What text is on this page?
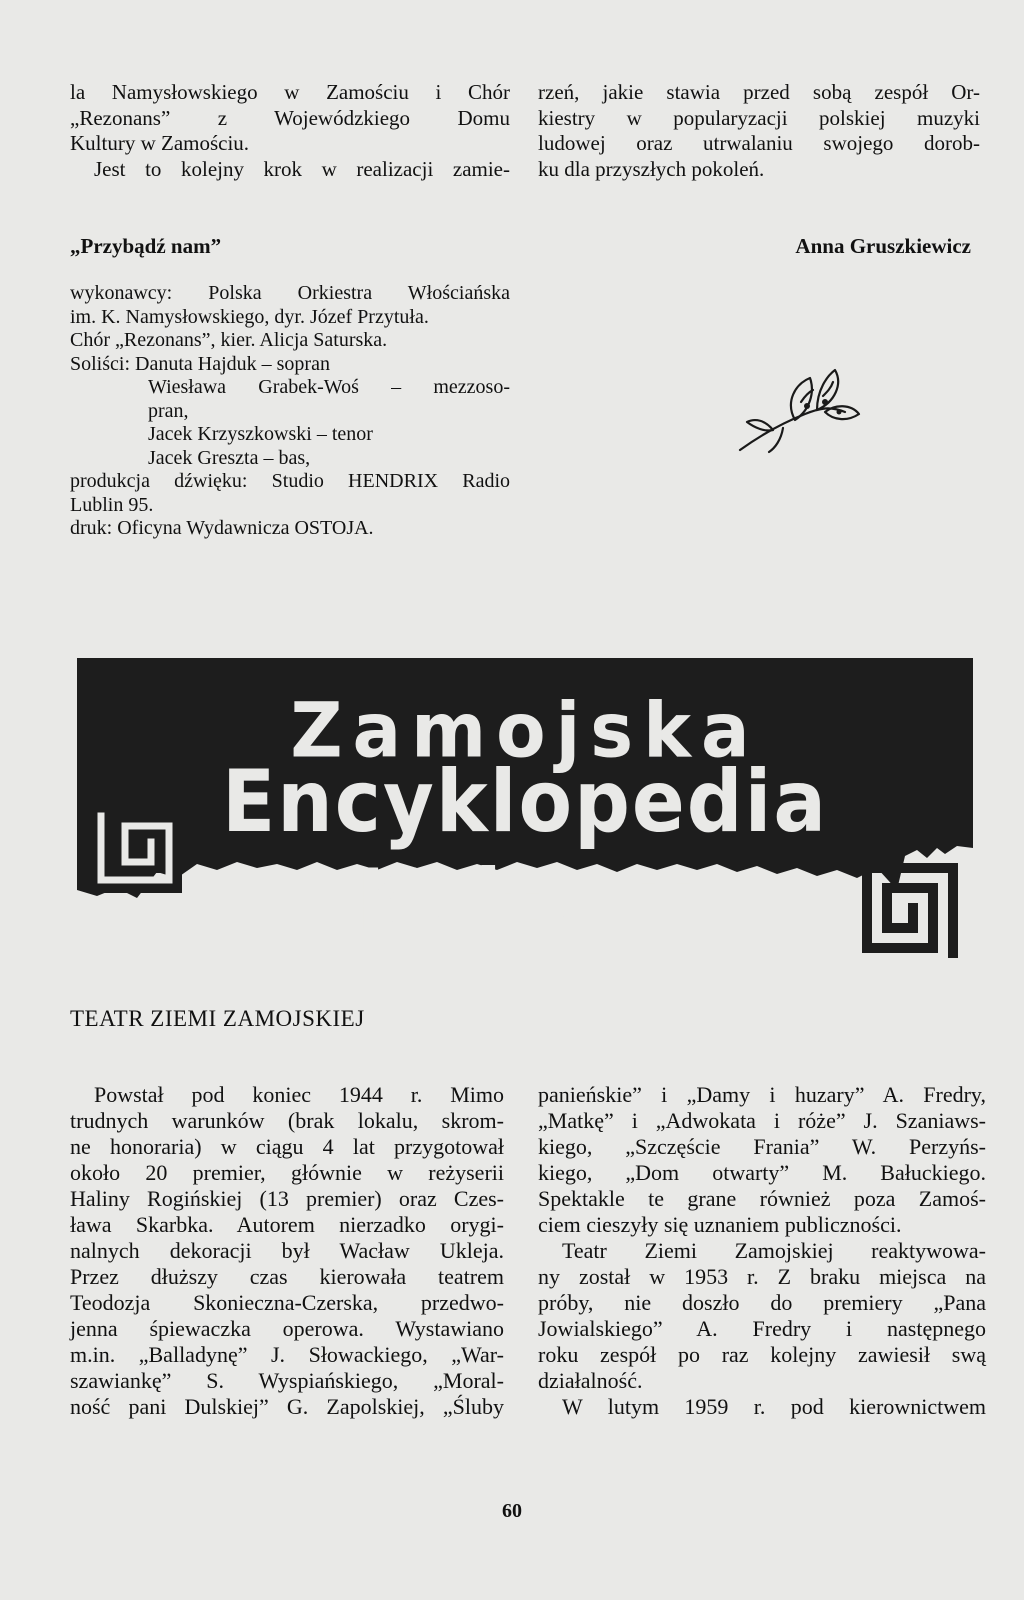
la Namysłowskiego w Zamościu i Chór

„Rezonans” z Wojewódzkiego Domu

Kultury w Zamościu.

Jest to kolejny krok w realizacji zamie-

rzeń, jakie stawia przed sobą zespół Or-

kiestry w popularyzacji polskiej muzyki

ludowej oraz utrwalaniu swojego dorob-

ku dla przyszłych pokoleń.

„Przybądź nam”	Anna Gruszkiewicz

wykonawcy: Polska Orkiestra Włościańska

im. K. Namysłowskiego, dyr. Józef Przytuła.

Chór „Rezonans”, kier. Alicja Saturska.

Soliści: Danuta Hajduk – sopran

Wiesława Grabek-Woś – mezzoso-

pran,

Jacek Krzyszkowski – tenor

Jacek Greszta – bas,

produkcja dźwięku: Studio HENDRIX Radio

Lublin 95.

druk: Oficyna Wydawnicza OSTOJA.

Zamojska
Encyklopedia Kultury
TEATR ZIEMI ZAMOJSKIEJ

Powstał pod koniec 1944 r. Mimo

trudnych warunków (brak lokalu, skrom-

ne honoraria) w ciągu 4 lat przygotował

około 20 premier, głównie w reżyserii

Haliny Rogińskiej (13 premier) oraz Czes-

ława Skarbka. Autorem nierzadko orygi-

nalnych dekoracji był Wacław Ukleja.

Przez dłuższy czas kierowała teatrem

Teodozja Skonieczna-Czerska, przedwo-

jenna śpiewaczka operowa. Wystawiano

m.in. „Balladynę” J. Słowackiego, „War-

szawiankę” S. Wyspiańskiego, „Moral-

ność pani Dulskiej” G. Zapolskiej, „Śluby

panieńskie” i „Damy i huzary” A. Fredry,

„Matkę” i „Adwokata i róże” J. Szaniaws-

kiego, „Szczęście Frania” W. Perzyńs-

kiego, „Dom otwarty” M. Bałuckiego.

Spektakle te grane również poza Zamoś-

ciem cieszyły się uznaniem publiczności.

Teatr Ziemi Zamojskiej reaktywowa-

ny został w 1953 r. Z braku miejsca na

próby, nie doszło do premiery „Pana

Jowialskiego” A. Fredry i następnego

roku zespół po raz kolejny zawiesił swą

działalność.

W lutym 1959 r. pod kierownictwem

60
